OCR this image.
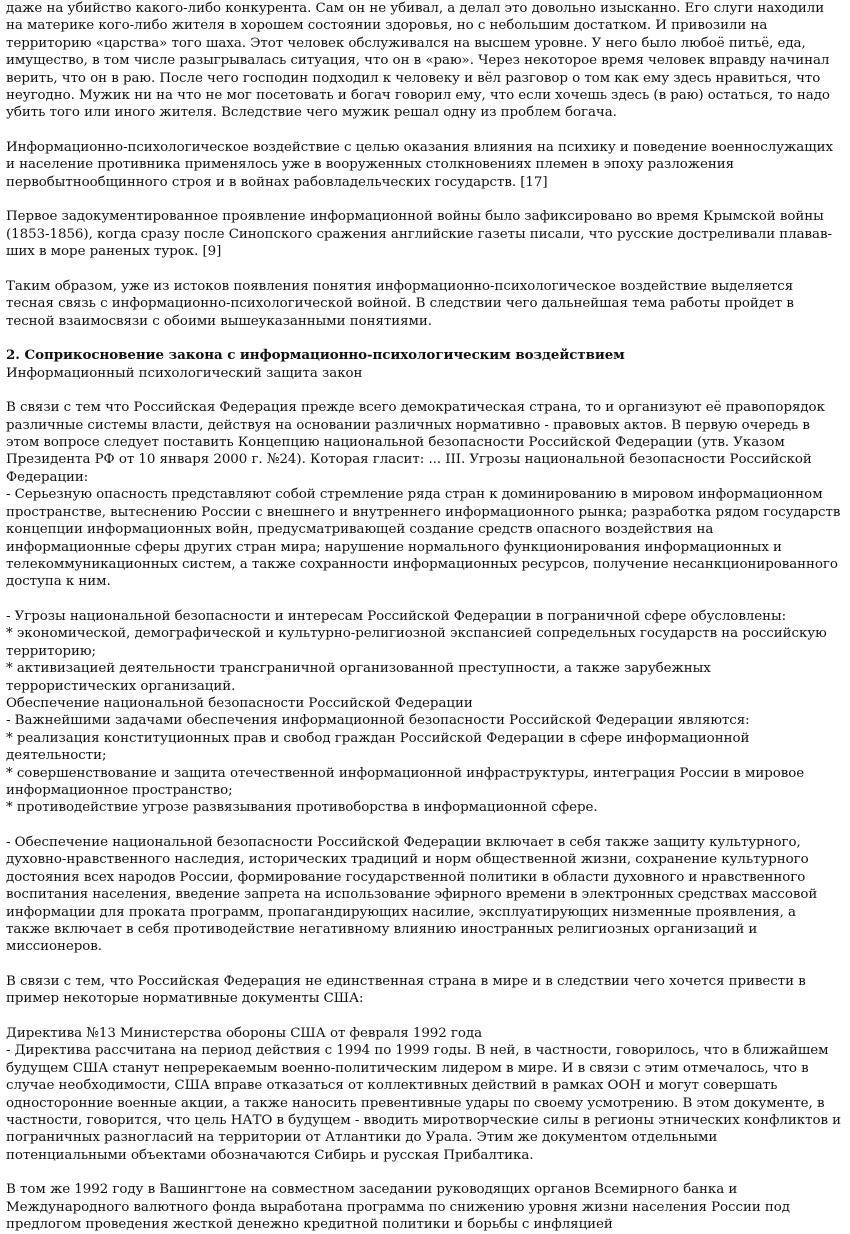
даже на убийство какого-либо конкурента. Сам он не убивал, а делал это довольно изысканно. Его слуги находили на материке кого-либо жителя в хорошем состоянии здоровья, но с небольшим достатком. И привозили на территорию «царства» того шаха. Этот человек обслуживался на высшем уровне. У него было любоё питьё, еда, имущество, в том числе разыгрывалась ситуация, что он в «раю». Через некоторое время человек вправду начинал верить, что он в раю. После чего господин подходил к человеку и вёл разговор о том как ему здесь нравиться, что неугодно. Мужик ни на что не мог посетовать и богач говорил ему, что если хочешь здесь (в раю) остаться, то надо убить того или иного жителя. Вследствие чего мужик решал одну из проблем богача.

Информационно-психологическое воздействие с целью оказания влияния на психику и поведение военнослужащих и население противника применялось уже в вооруженных столкновениях племен в эпоху разложения первобытнообщинного строя и в войнах рабовладельческих государств. [17]

Первое задокументированное проявление информационной войны было зафиксировано во время Крымской войны (1853-1856), когда сразу после Синопского сражения английские газеты писали, что русские достреливали плававших в море раненых турок. [9]

Таким образом, уже из истоков появления понятия информационно-психологическое воздействие выделяется тесная связь с информационно-психологической войной. В следствии чего дальнейшая тема работы пройдет в тесной взаимосвязи с обоими вышеуказанными понятиями.

2. Соприкосновение закона с информационно-психологическим воздействием

Информационный психологический защита закон

В связи с тем что Российская Федерация прежде всего демократическая страна, то и организуют её правопорядок различные системы власти, действуя на основании различных нормативно - правовых актов. В первую очередь в этом вопросе следует поставить Концепцию национальной безопасности Российской Федерации (утв. Указом Президента РФ от 10 января 2000 г. №24). Которая гласит: ... III. Угрозы национальной безопасности Российской Федерации:
- Серьезную опасность представляют собой стремление ряда стран к доминированию в мировом информационном пространстве, вытеснению России с внешнего и внутреннего информационного рынка; разработка рядом государств концепции информационных войн, предусматривающей создание средств опасного воздействия на информационные сферы других стран мира; нарушение нормального функционирования информационных и телекоммуникационных систем, а также сохранности информационных ресурсов, получение несанкционированного доступа к ним.

- Угрозы национальной безопасности и интересам Российской Федерации в пограничной сфере обусловлены:
* экономической, демографической и культурно-религиозной экспансией сопредельных государств на российскую территорию;
* активизацией деятельности трансграничной организованной преступности, а также зарубежных террористических организаций.
Обеспечение национальной безопасности Российской Федерации
- Важнейшими задачами обеспечения информационной безопасности Российской Федерации являются:
* реализация конституционных прав и свобод граждан Российской Федерации в сфере информационной деятельности;
* совершенствование и защита отечественной информационной инфраструктуры, интеграция России в мировое информационное пространство;
* противодействие угрозе развязывания противоборства в информационной сфере.

- Обеспечение национальной безопасности Российской Федерации включает в себя также защиту культурного, духовно-нравственного наследия, исторических традиций и норм общественной жизни, сохранение культурного достояния всех народов России, формирование государственной политики в области духовного и нравственного воспитания населения, введение запрета на использование эфирного времени в электронных средствах массовой информации для проката программ, пропагандирующих насилие, эксплуатирующих низменные проявления, а также включает в себя противодействие негативному влиянию иностранных религиозных организаций и миссионеров.

В связи с тем, что Российская Федерация не единственная страна в мире и в следствии чего хочется привести в пример некоторые нормативные документы США:

Директива №13 Министерства обороны США от февраля 1992 года
- Директива рассчитана на период действия с 1994 по 1999 годы. В ней, в частности, говорилось, что в ближайшем будущем США станут непререкаемым военно-политическим лидером в мире. И в связи с этим отмечалось, что в случае необходимости, США вправе отказаться от коллективных действий в рамках ООН и могут совершать односторонние военные акции, а также наносить превентивные удары по своему усмотрению. В этом документе, в частности, говорится, что цель НАТО в будущем - вводить миротворческие силы в регионы этнических конфликтов и пограничных разногласий на территории от Атлантики до Урала. Этим же документом отдельными потенциальными объектами обозначаются Сибирь и русская Прибалтика.

В том же 1992 году в Вашингтоне на совместном заседании руководящих органов Всемирного банка и Международного валютного фонда выработана программа по снижению уровня жизни населения России под предлогом проведения жесткой денежно кредитной политики и борьбы с инфляцией
